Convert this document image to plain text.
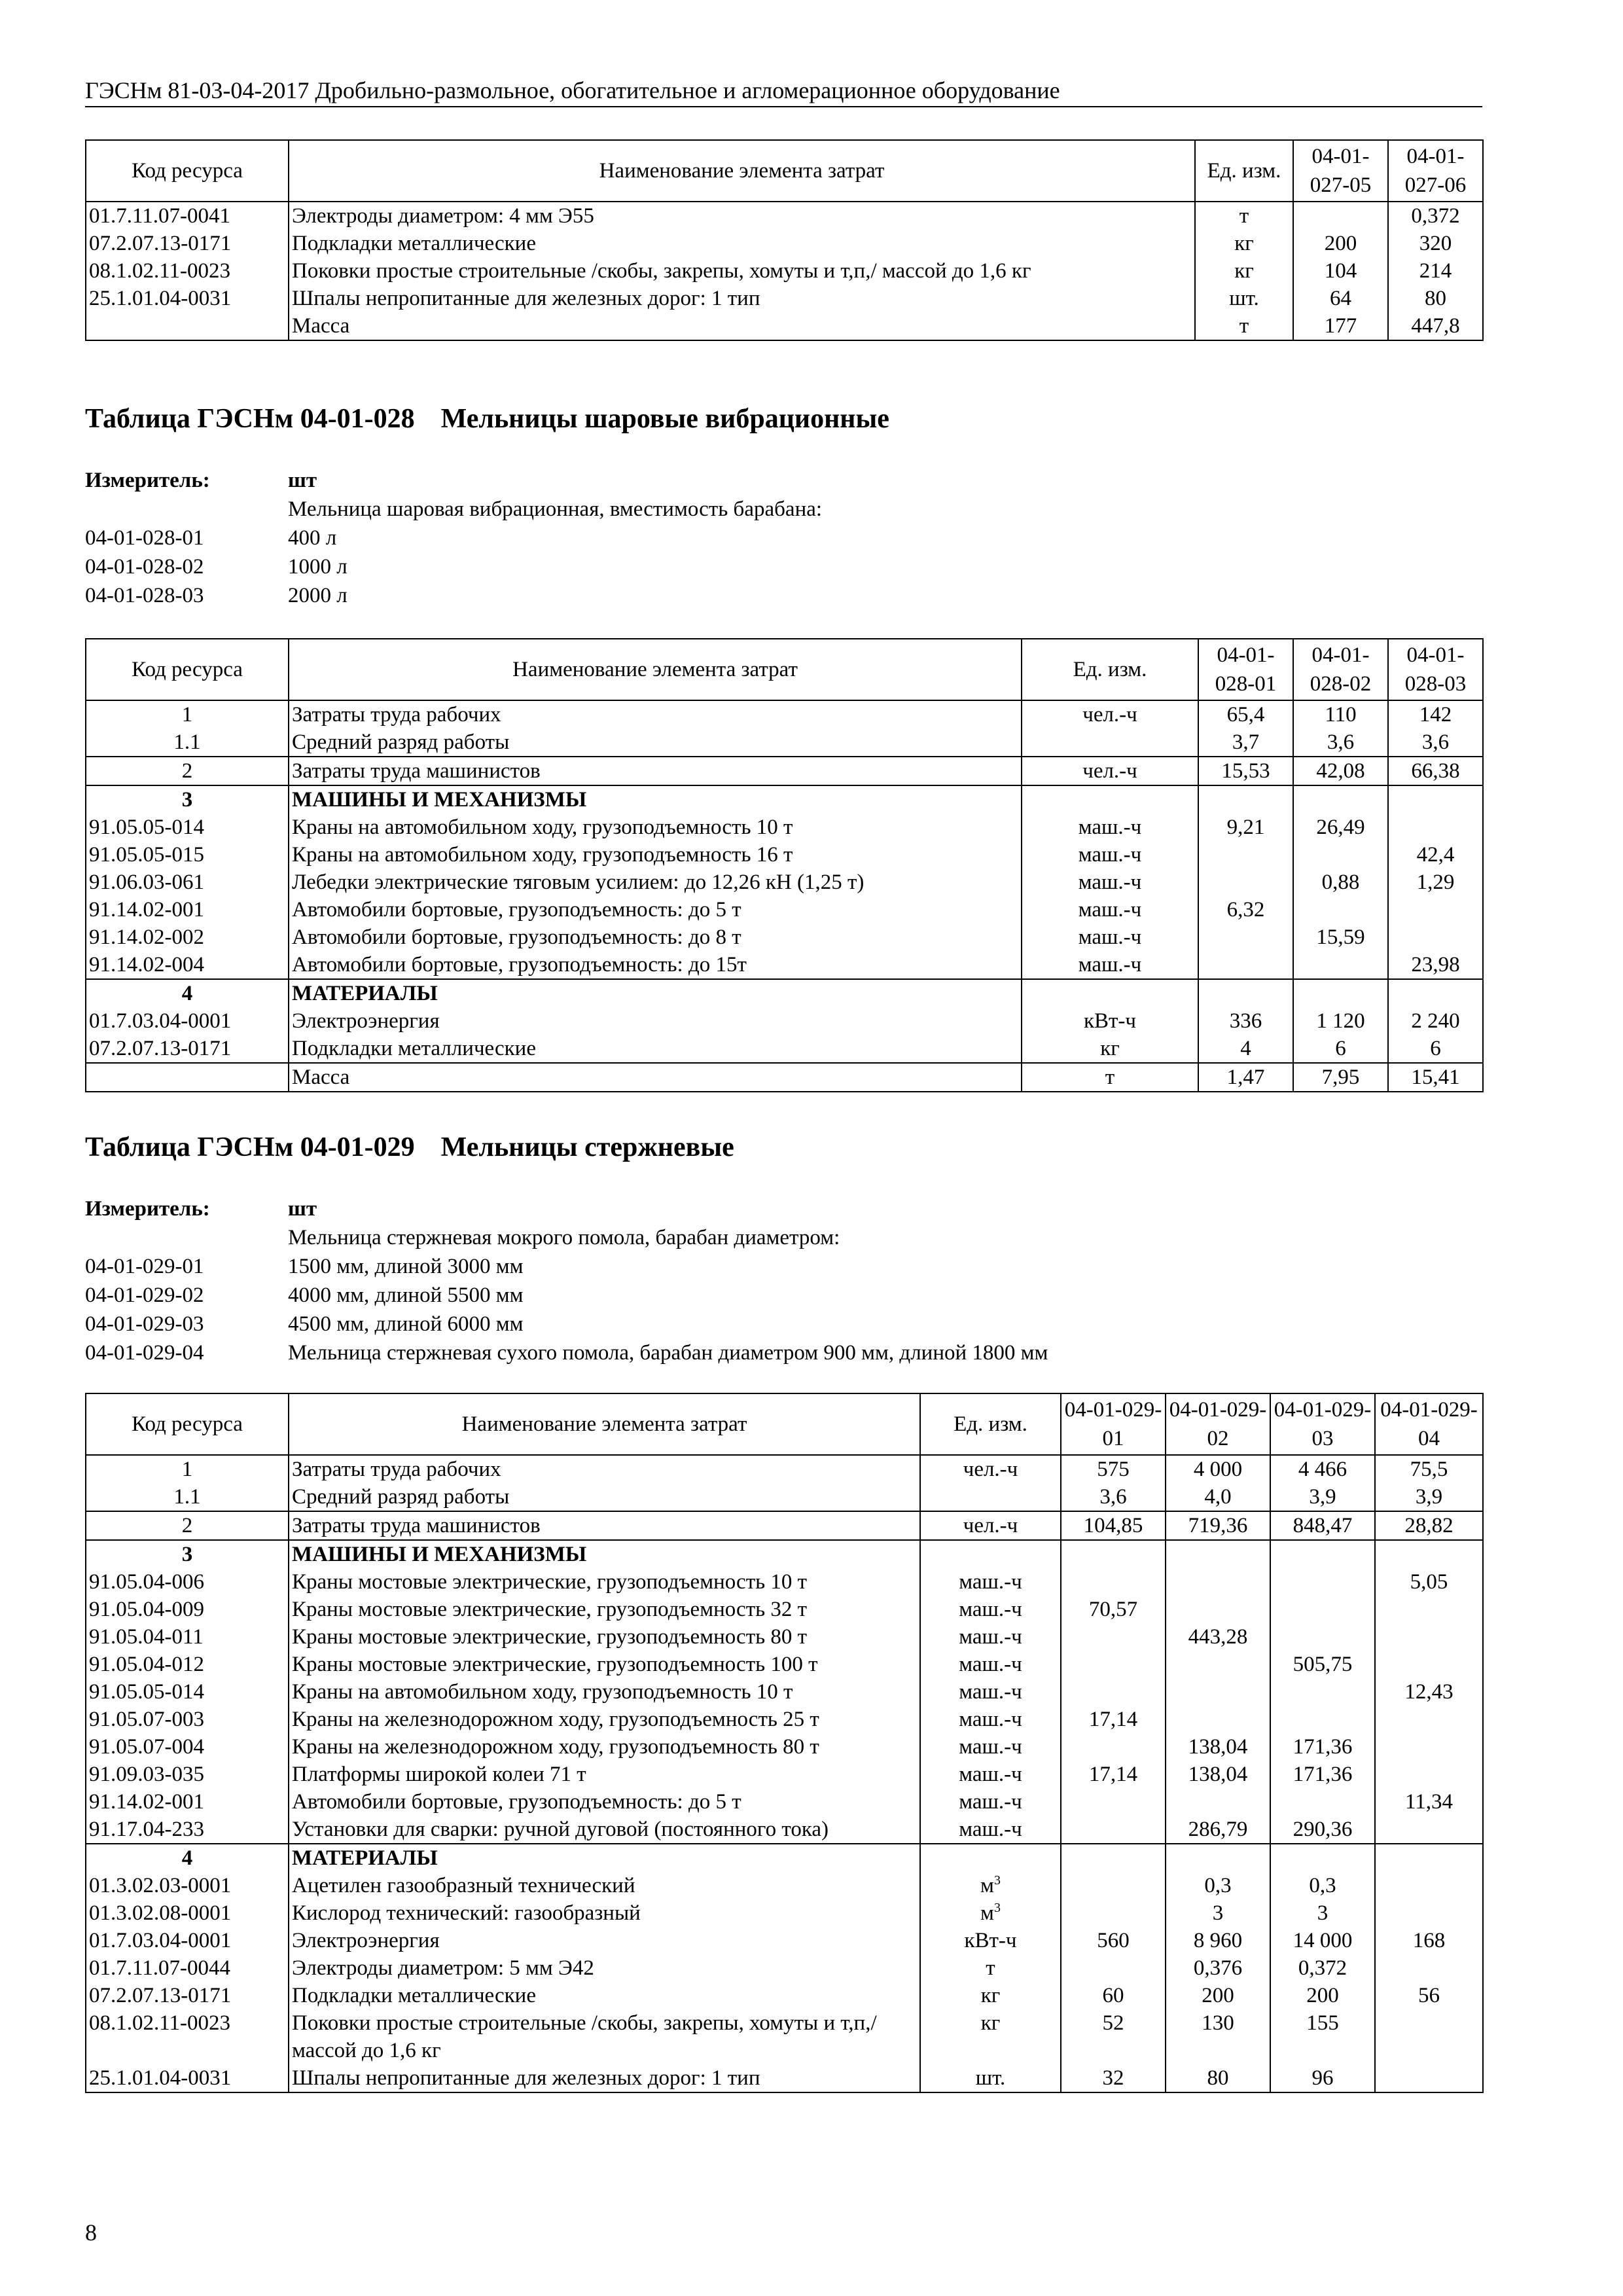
ГЭСНм 81-03-04-2017 Дробильно-размольное, обогатительное и агломерационное оборудование
Код ресурса	Наименование элемента затрат	Ед. изм.	04-01-027-05	04-01-027-06
01.7.11.07-0041	Электроды диаметром: 4 мм Э55	т		0,372
07.2.07.13-0171	Подкладки металлические	кг	200	320
08.1.02.11-0023	Поковки простые строительные /скобы, закрепы, хомуты и т,п,/ массой до 1,6 кг	кг	104	214
25.1.01.04-0031	Шпалы непропитанные для железных дорог: 1 тип	шт.	64	80
	Масса	т	177	447,8
Таблица ГЭСНм 04-01-028 Мельницы шаровые вибрационные
Измеритель:	шт
Мельница шаровая вибрационная, вместимость барабана:
04-01-028-01	400 л
04-01-028-02	1000 л
04-01-028-03	2000 л
Код ресурса	Наименование элемента затрат	Ед. изм.	04-01-028-01	04-01-028-02	04-01-028-03
1	Затраты труда рабочих	чел.-ч	65,4	110	142
1.1	Средний разряд работы		3,7	3,6	3,6
2	Затраты труда машинистов	чел.-ч	15,53	42,08	66,38
3	МАШИНЫ И МЕХАНИЗМЫ				
91.05.05-014	Краны на автомобильном ходу, грузоподъемность 10 т	маш.-ч	9,21	26,49	
91.05.05-015	Краны на автомобильном ходу, грузоподъемность 16 т	маш.-ч			42,4
91.06.03-061	Лебедки электрические тяговым усилием: до 12,26 кН (1,25 т)	маш.-ч		0,88	1,29
91.14.02-001	Автомобили бортовые, грузоподъемность: до 5 т	маш.-ч	6,32		
91.14.02-002	Автомобили бортовые, грузоподъемность: до 8 т	маш.-ч		15,59	
91.14.02-004	Автомобили бортовые, грузоподъемность: до 15т	маш.-ч			23,98
4	МАТЕРИАЛЫ				
01.7.03.04-0001	Электроэнергия	кВт-ч	336	1 120	2 240
07.2.07.13-0171	Подкладки металлические	кг	4	6	6
	Масса	т	1,47	7,95	15,41
Таблица ГЭСНм 04-01-029 Мельницы стержневые
Измеритель:	шт
Мельница стержневая мокрого помола, барабан диаметром:
04-01-029-01	1500 мм, длиной 3000 мм
04-01-029-02	4000 мм, длиной 5500 мм
04-01-029-03	4500 мм, длиной 6000 мм
04-01-029-04	Мельница стержневая сухого помола, барабан диаметром 900 мм, длиной 1800 мм
Код ресурса	Наименование элемента затрат	Ед. изм.	04-01-029-01	04-01-029-02	04-01-029-03	04-01-029-04
1	Затраты труда рабочих	чел.-ч	575	4 000	4 466	75,5
1.1	Средний разряд работы		3,6	4,0	3,9	3,9
2	Затраты труда машинистов	чел.-ч	104,85	719,36	848,47	28,82
3	МАШИНЫ И МЕХАНИЗМЫ					
91.05.04-006	Краны мостовые электрические, грузоподъемность 10 т	маш.-ч				5,05
91.05.04-009	Краны мостовые электрические, грузоподъемность 32 т	маш.-ч	70,57			
91.05.04-011	Краны мостовые электрические, грузоподъемность 80 т	маш.-ч		443,28		
91.05.04-012	Краны мостовые электрические, грузоподъемность 100 т	маш.-ч			505,75	
91.05.05-014	Краны на автомобильном ходу, грузоподъемность 10 т	маш.-ч				12,43
91.05.07-003	Краны на железнодорожном ходу, грузоподъемность 25 т	маш.-ч	17,14			
91.05.07-004	Краны на железнодорожном ходу, грузоподъемность 80 т	маш.-ч		138,04	171,36	
91.09.03-035	Платформы широкой колеи 71 т	маш.-ч	17,14	138,04	171,36	
91.14.02-001	Автомобили бортовые, грузоподъемность: до 5 т	маш.-ч				11,34
91.17.04-233	Установки для сварки: ручной дуговой (постоянного тока)	маш.-ч		286,79	290,36	
4	МАТЕРИАЛЫ					
01.3.02.03-0001	Ацетилен газообразный технический	$м^3$		0,3	0,3	
01.3.02.08-0001	Кислород технический: газообразный	$м^3$		3	3	
01.7.03.04-0001	Электроэнергия	кВт-ч	560	8 960	14 000	168
01.7.11.07-0044	Электроды диаметром: 5 мм Э42	т		0,376	0,372	
07.2.07.13-0171	Подкладки металлические	кг	60	200	200	56
08.1.02.11-0023	Поковки простые строительные /скобы, закрепы, хомуты и т,п,/ массой до 1,6 кг	кг	52	130	155	
25.1.01.04-0031	Шпалы непропитанные для железных дорог: 1 тип	шт.	32	80	96	
8
